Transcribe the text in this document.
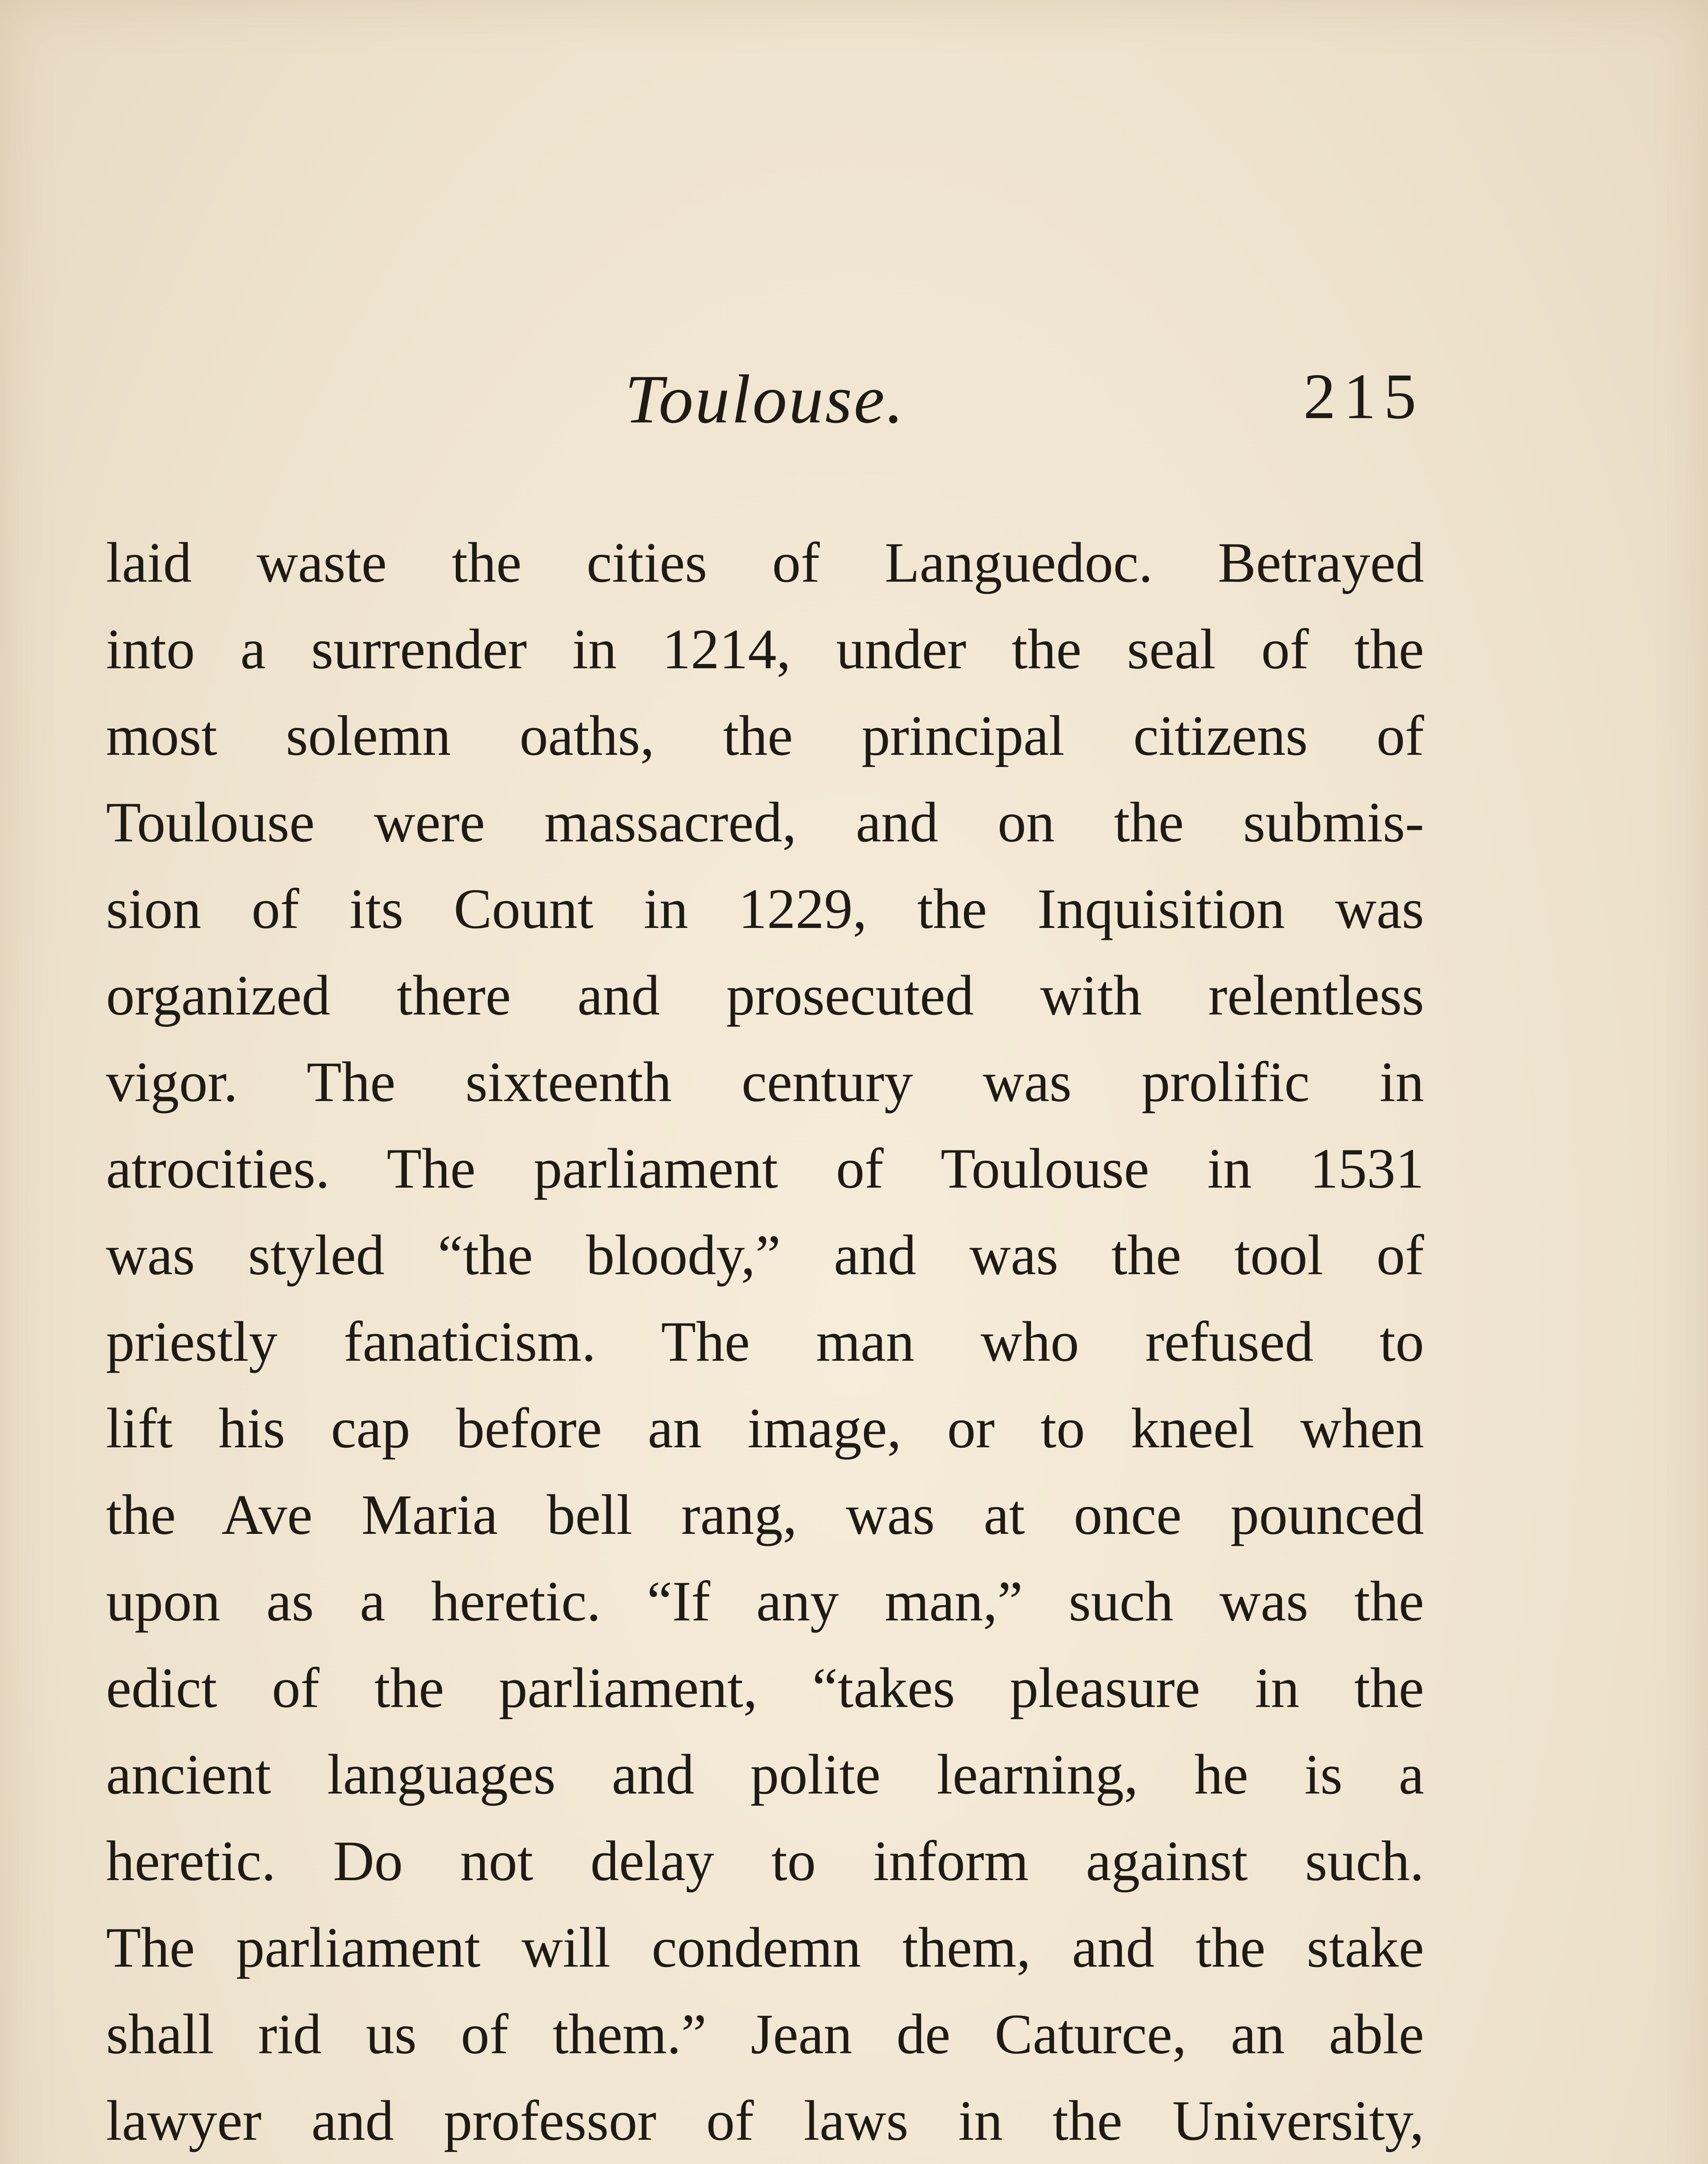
Toulouse.	215
laid waste the cities of Languedoc. Betrayed
into a surrender in 1214, under the seal of the
most solemn oaths, the principal citizens of
Toulouse were massacred, and on the submis-
sion of its Count in 1229, the Inquisition was
organized there and prosecuted with relentless
vigor. The sixteenth century was prolific in
atrocities. The parliament of Toulouse in 1531
was styled “the bloody,” and was the tool of
priestly fanaticism. The man who refused to
lift his cap before an image, or to kneel when
the Ave Maria bell rang, was at once pounced
upon as a heretic. “If any man,” such was the
edict of the parliament, “takes pleasure in the
ancient languages and polite learning, he is a
heretic. Do not delay to inform against such.
The parliament will condemn them, and the stake
shall rid us of them.” Jean de Caturce, an able
lawyer and professor of laws in the University,
